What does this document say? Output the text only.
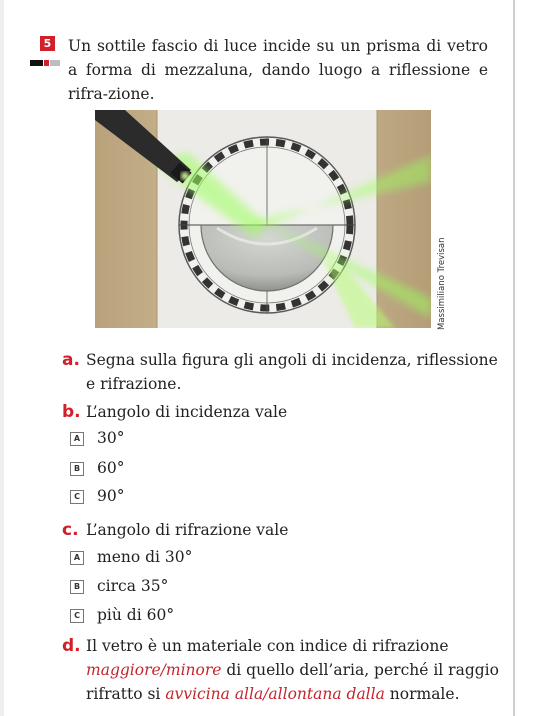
5 Un sottile fascio di luce incide su un prisma di vetro a forma di mezzaluna, dando luogo a riflessione e rifra-zione.
Massimiliano Trevisan
a. Segna sulla figura gli angoli di incidenza, riflessione
e rifrazione.
b. L’angolo di incidenza vale
A 30°
B 60°
C 90°
c. L’angolo di rifrazione vale
A meno di 30°
B circa 35°
C più di 60°
d. Il vetro è un materiale con indice di rifrazione
maggiore/minore di quello dell’aria, perché il raggio
rifratto si avvicina alla/allontana dalla normale.
